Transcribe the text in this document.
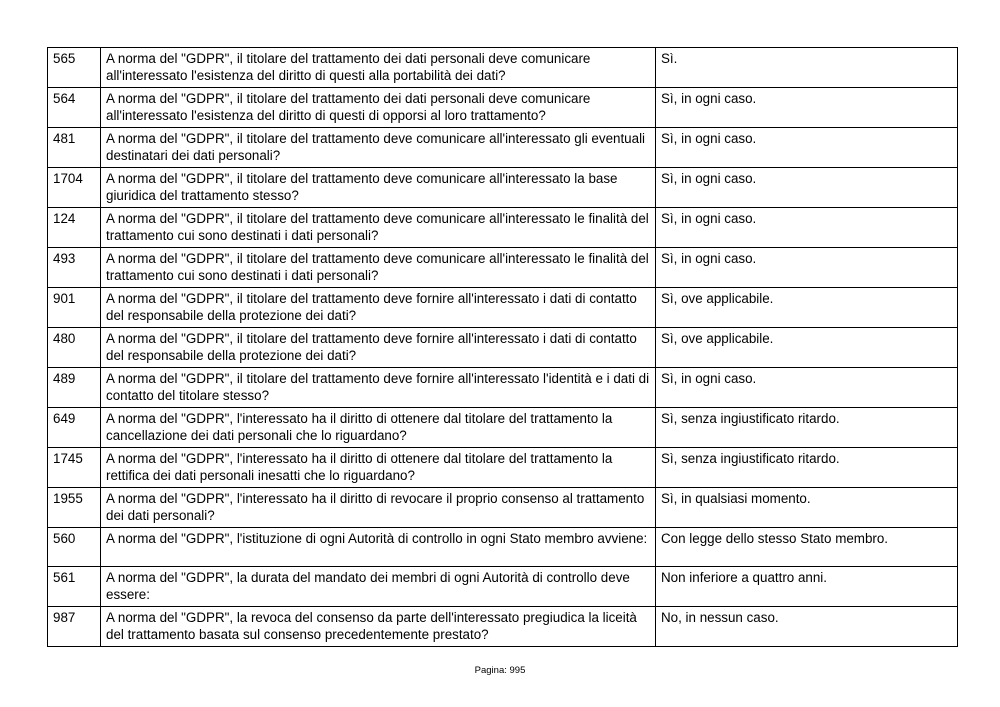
565	A norma del "GDPR", il titolare del trattamento dei dati personali deve comunicare all'interessato l'esistenza del diritto di questi alla portabilità dei dati?	Sì.
564	A norma del "GDPR", il titolare del trattamento dei dati personali deve comunicare all'interessato l'esistenza del diritto di questi di opporsi al loro trattamento?	Sì, in ogni caso.
481	A norma del "GDPR", il titolare del trattamento deve comunicare all'interessato gli eventuali destinatari dei dati personali?	Sì, in ogni caso.
1704	A norma del "GDPR", il titolare del trattamento deve comunicare all'interessato la base giuridica del trattamento stesso?	Sì, in ogni caso.
124	A norma del "GDPR", il titolare del trattamento deve comunicare all'interessato le finalità del trattamento cui sono destinati i dati personali?	Sì, in ogni caso.
493	A norma del "GDPR", il titolare del trattamento deve comunicare all'interessato le finalità del trattamento cui sono destinati i dati personali?	Sì, in ogni caso.
901	A norma del "GDPR", il titolare del trattamento deve fornire all'interessato i dati di contatto del responsabile della protezione dei dati?	Sì, ove applicabile.
480	A norma del "GDPR", il titolare del trattamento deve fornire all'interessato i dati di contatto del responsabile della protezione dei dati?	Sì, ove applicabile.
489	A norma del "GDPR", il titolare del trattamento deve fornire all'interessato l'identità e i dati di contatto del titolare stesso?	Sì, in ogni caso.
649	A norma del "GDPR", l'interessato ha il diritto di ottenere dal titolare del trattamento la cancellazione dei dati personali che lo riguardano?	Sì, senza ingiustificato ritardo.
1745	A norma del "GDPR", l'interessato ha il diritto di ottenere dal titolare del trattamento la rettifica dei dati personali inesatti che lo riguardano?	Sì, senza ingiustificato ritardo.
1955	A norma del "GDPR", l'interessato ha il diritto di revocare il proprio consenso al trattamento dei dati personali?	Sì, in qualsiasi momento.
560	A norma del "GDPR", l'istituzione di ogni Autorità di controllo in ogni Stato membro avviene:	Con legge dello stesso Stato membro.
561	A norma del "GDPR", la durata del mandato dei membri di ogni Autorità di controllo deve essere:	Non inferiore a quattro anni.
987	A norma del "GDPR", la revoca del consenso da parte dell'interessato pregiudica la liceità del trattamento basata sul consenso precedentemente prestato?	No, in nessun caso.
Pagina: 995
